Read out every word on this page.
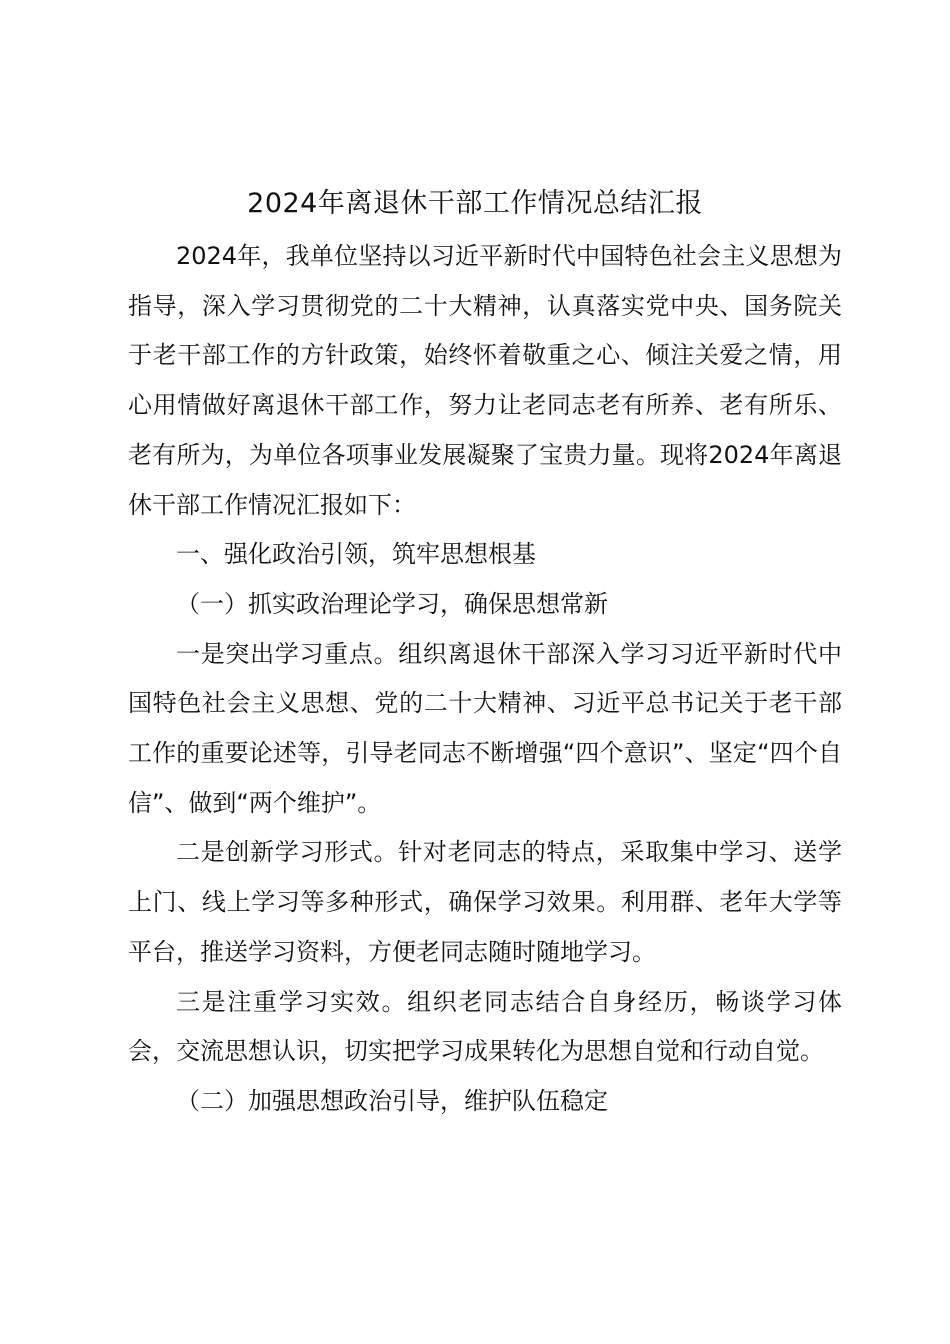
2024年离退休干部工作情况总结汇报

2024年，我单位坚持以习近平新时代中国特色社会主义思想为指导，深入学习贯彻党的二十大精神，认真落实党中央、国务院关于老干部工作的方针政策，始终怀着敬重之心、倾注关爱之情，用心用情做好离退休干部工作，努力让老同志老有所养、老有所乐、老有所为，为单位各项事业发展凝聚了宝贵力量。现将2024年离退休干部工作情况汇报如下：

一、强化政治引领，筑牢思想根基

（一）抓实政治理论学习，确保思想常新

一是突出学习重点。组织离退休干部深入学习习近平新时代中国特色社会主义思想、党的二十大精神、习近平总书记关于老干部工作的重要论述等，引导老同志不断增强“四个意识”、坚定“四个自信”、做到“两个维护”。

二是创新学习形式。针对老同志的特点，采取集中学习、送学上门、线上学习等多种形式，确保学习效果。利用群、老年大学等平台，推送学习资料，方便老同志随时随地学习。

三是注重学习实效。组织老同志结合自身经历，畅谈学习体会，交流思想认识，切实把学习成果转化为思想自觉和行动自觉。

（二）加强思想政治引导，维护队伍稳定
